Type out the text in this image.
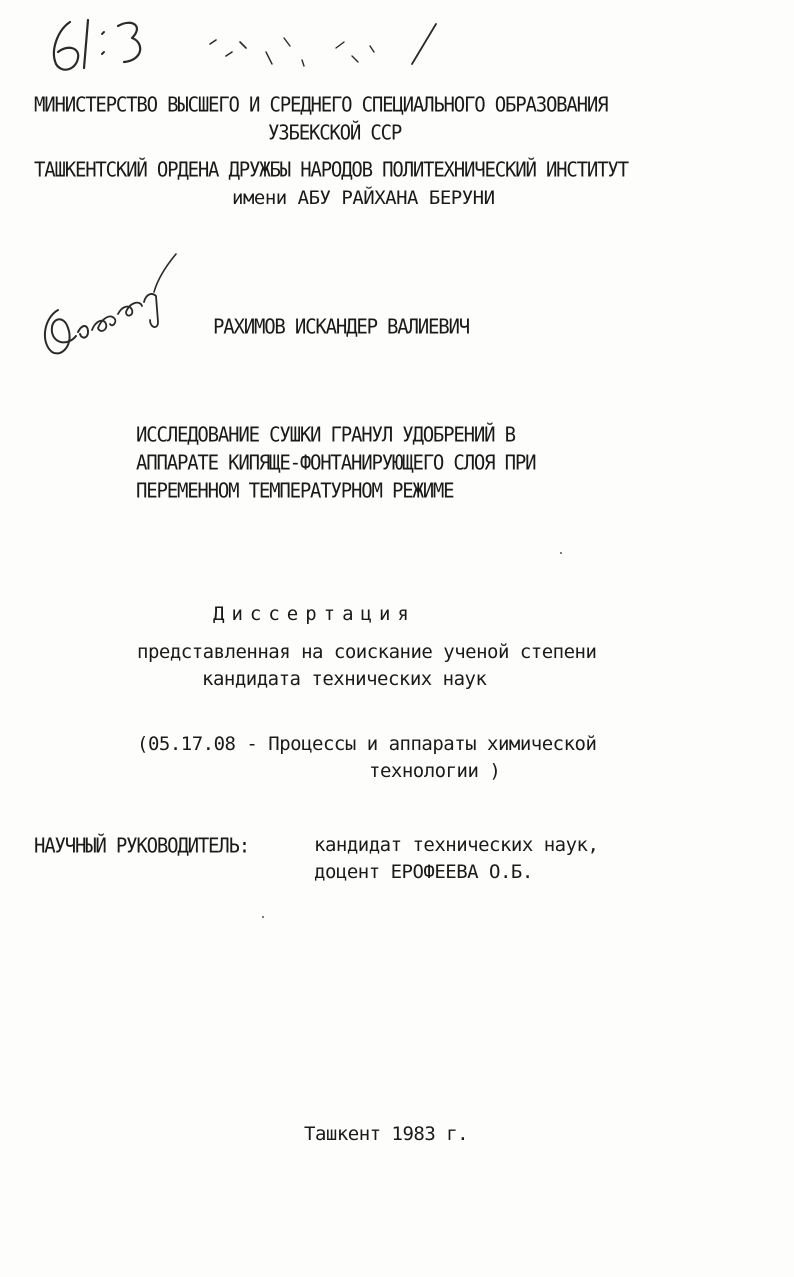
6/: 93
МИНИСТЕРСТВО ВЫСШЕГО И СРЕДНЕГО СПЕЦИАЛЬНОГО ОБРАЗОВАНИЯ
УЗБЕКСКОЙ ССР
ТАШКЕНТСКИЙ ОРДЕНА ДРУЖБЫ НАРОДОВ ПОЛИТЕХНИЧЕСКИЙ ИНСТИТУТ
имени АБУ РАЙХАНА БЕРУНИ
Рахимов
РАХИМОВ ИСКАНДЕР ВАЛИЕВИЧ
ИССЛЕДОВАНИЕ СУШКИ ГРАНУЛ УДОБРЕНИЙ В
АППАРАТЕ КИПЯЩЕ-ФОНТАНИРУЮЩЕГО СЛОЯ ПРИ
ПЕРЕМЕННОМ ТЕМПЕРАТУРНОМ РЕЖИМЕ
Диссертация
представленная на соискание ученой степени
кандидата технических наук
(05.17.08 - Процессы и аппараты химической
технологии )
НАУЧНЫЙ РУКОВОДИТЕЛЬ:	кандидат технических наук,
доцент ЕРОФЕЕВА О.Б.
Ташкент 1983 г.
